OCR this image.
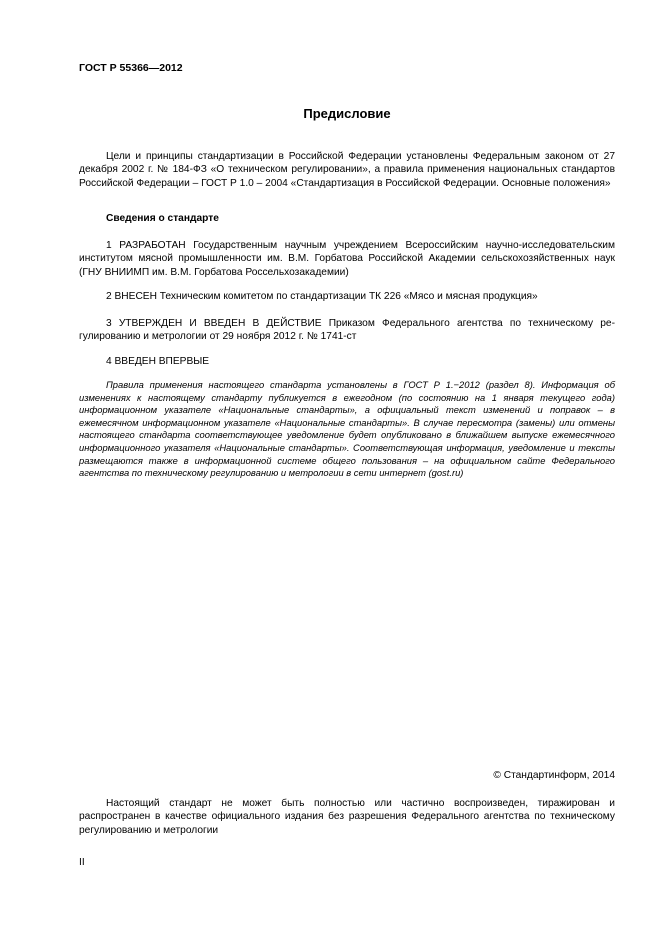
ГОСТ Р 55366—2012
Предисловие
Цели и принципы стандартизации в Российской Федерации установлены Федеральным законом от 27 декабря 2002 г. № 184-ФЗ «О техническом регулировании», а правила применения национальных стандартов Российской Федерации – ГОСТ Р 1.0 – 2004 «Стандартизация в Российской Федерации. Основные положения»
Сведения о стандарте
1 РАЗРАБОТАН Государственным научным учреждением Всероссийским научно-исследовательским институтом мясной промышленности им. В.М. Горбатова Российской Академии сельскохозяйственных наук (ГНУ ВНИИМП им. В.М. Горбатова Россельхозакадемии)
2 ВНЕСЕН Техническим комитетом по стандартизации ТК 226 «Мясо и мясная продукция»
3 УТВЕРЖДЕН И ВВЕДЕН В ДЕЙСТВИЕ Приказом Федерального агентства по техническому регулированию и метрологии от 29 ноября 2012 г. № 1741-ст
4 ВВЕДЕН ВПЕРВЫЕ
Правила применения настоящего стандарта установлены в ГОСТ Р 1.−2012 (раздел 8). Информация об изменениях к настоящему стандарту публикуется в ежегодном (по состоянию на 1 января текущего года) информационном указателе «Национальные стандарты», а официальный текст изменений и поправок – в ежемесячном информационном указателе «Национальные стандарты». В случае пересмотра (замены) или отмены настоящего стандарта соответствующее уведомление будет опубликовано в ближайшем выпуске ежемесячного информационного указателя «Национальные стандарты». Соответствующая информация, уведомление и тексты размещаются также в информационной системе общего пользования – на официальном сайте Федерального агентства по техническому регулированию и метрологии в сети интернет (gost.ru)
© Стандартинформ, 2014
Настоящий стандарт не может быть полностью или частично воспроизведен, тиражирован и распространен в качестве официального издания без разрешения Федерального агентства по техническому регулированию и метрологии
II
